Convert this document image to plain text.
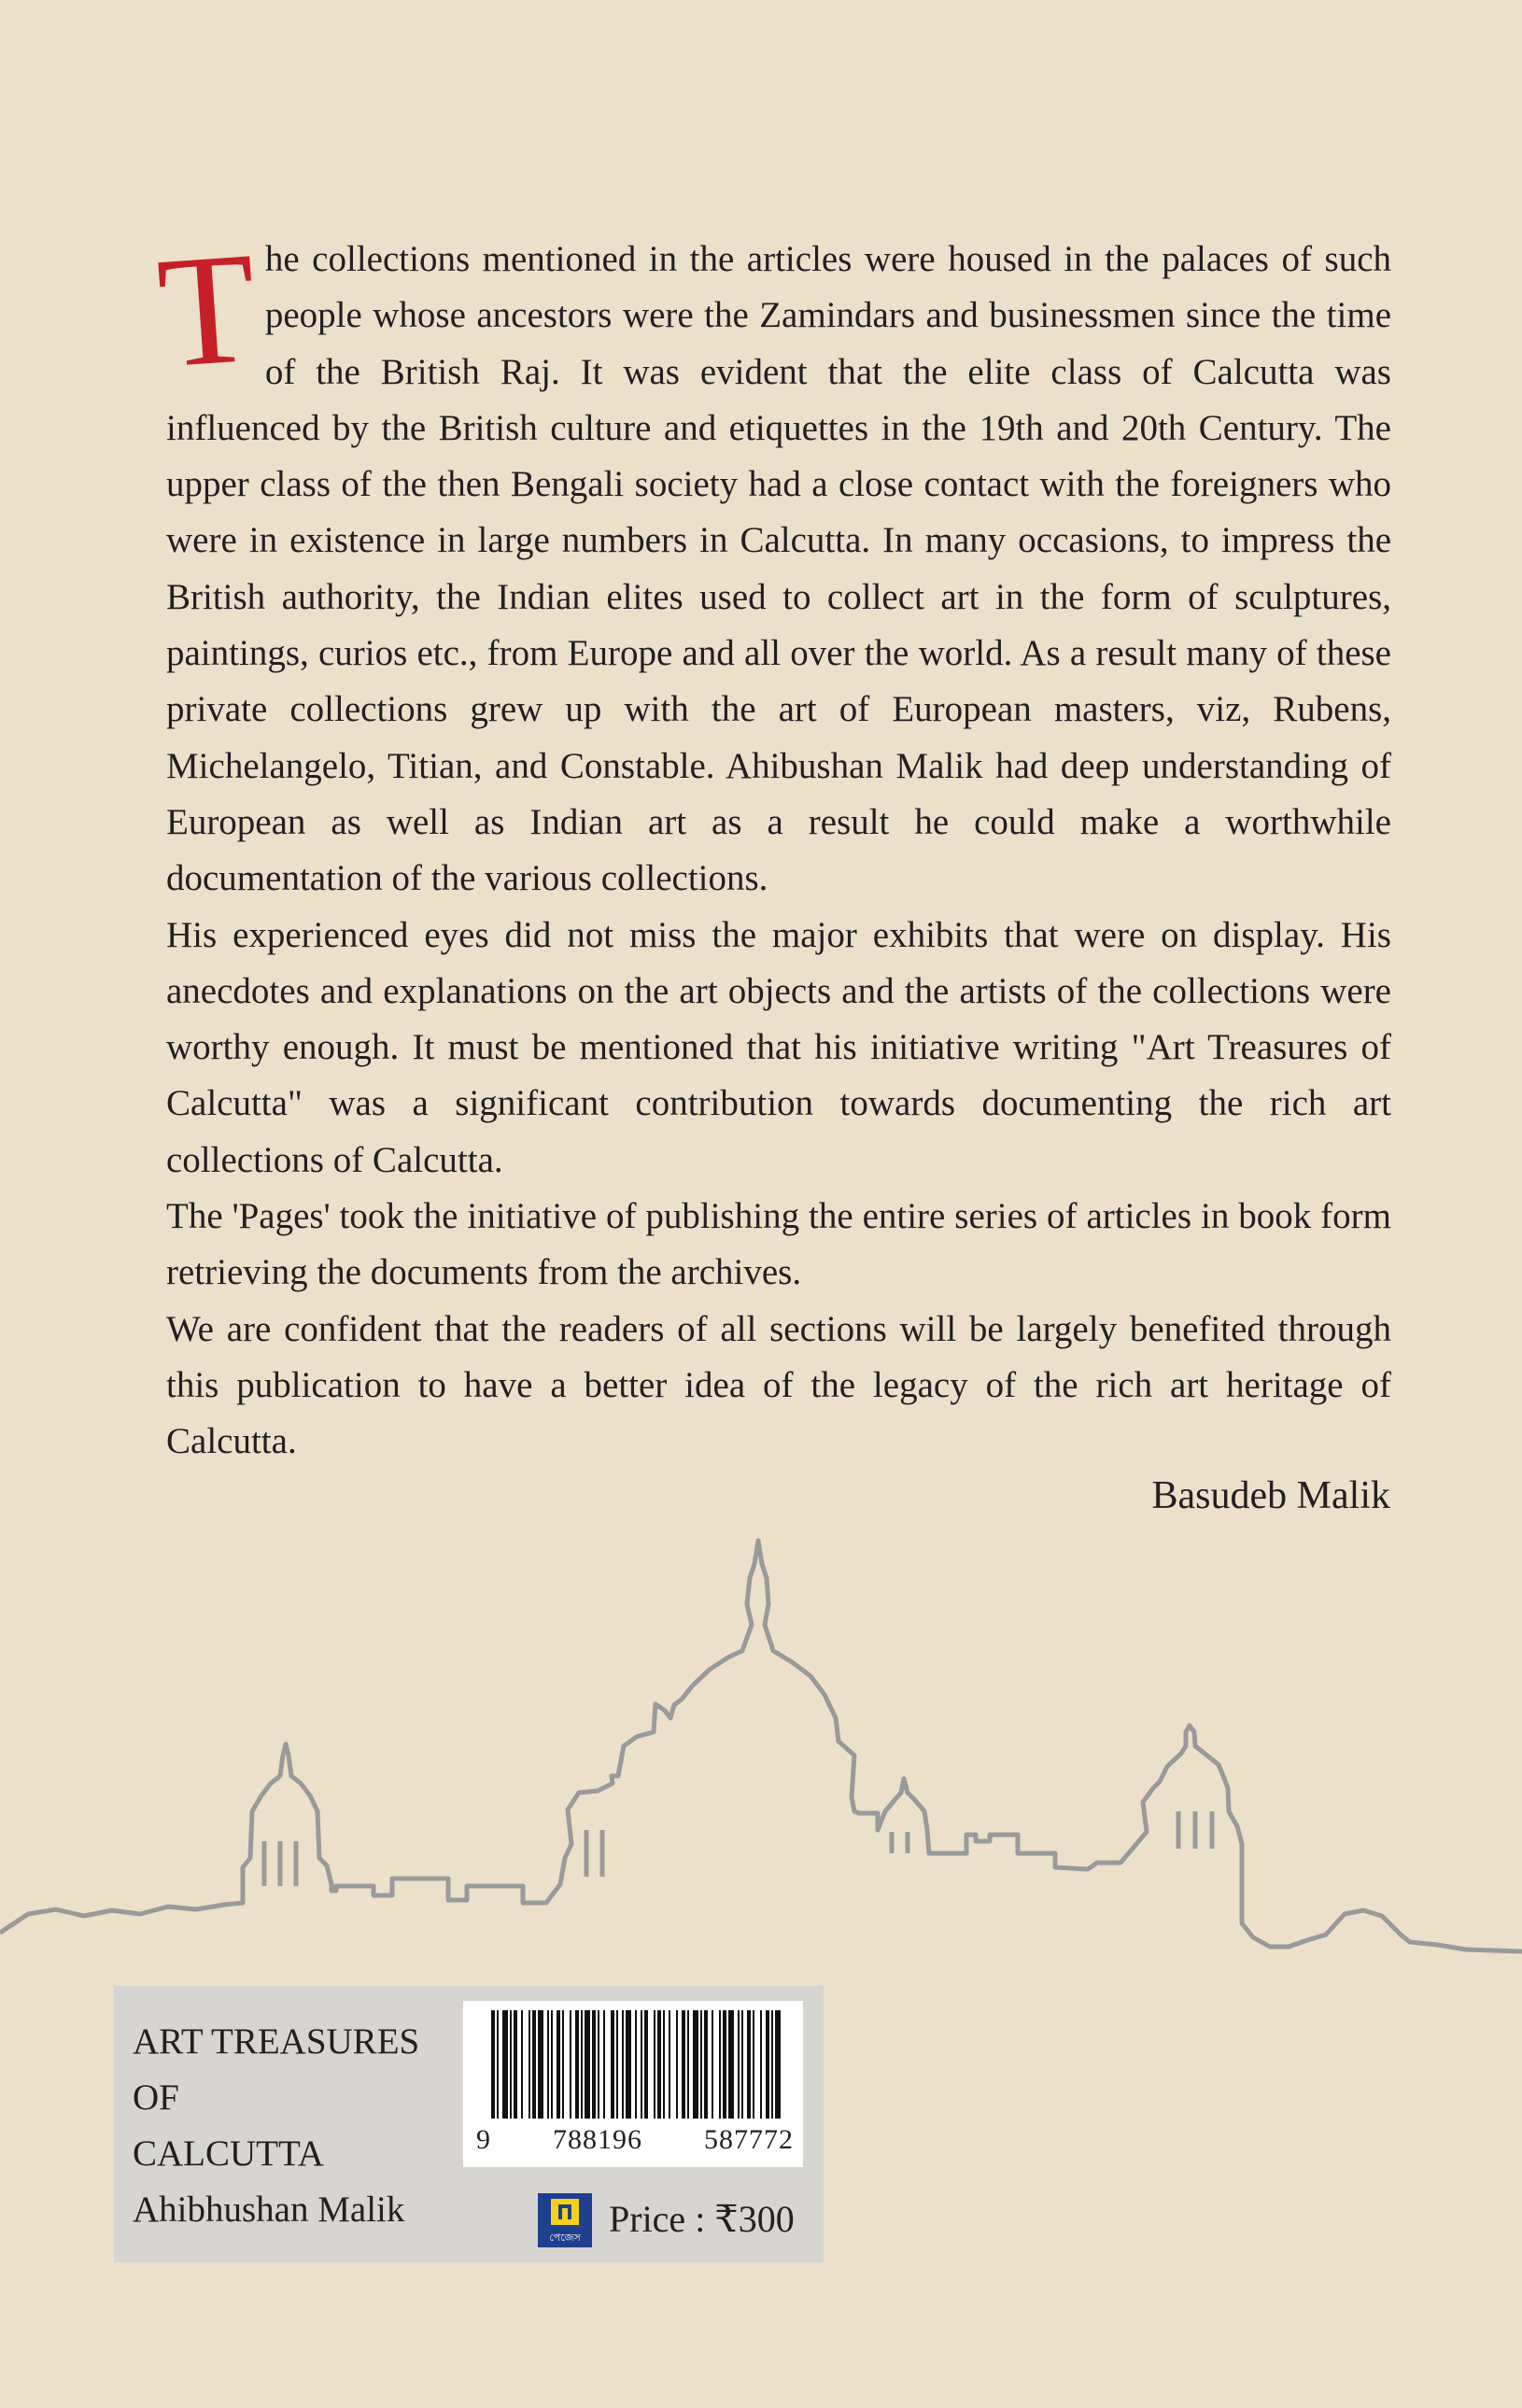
The collections mentioned in the articles were housed in the palaces of such people whose ancestors were the Zamindars and businessmen since the time of the British Raj. It was evident that the elite class of Calcutta was influenced by the British culture and etiquettes in the 19th and 20th Century. The upper class of the then Bengali society had a close contact with the foreigners who were in existence in large numbers in Calcutta. In many occasions, to impress the British authority, the Indian elites used to collect art in the form of sculptures, paintings, curios etc., from Europe and all over the world. As a result many of these private collections grew up with the art of European masters, viz, Rubens, Michelangelo, Titian, and Constable. Ahibushan Malik had deep understanding of European as well as Indian art as a result he could make a worthwhile documentation of the various collections.

His experienced eyes did not miss the major exhibits that were on display. His anecdotes and explanations on the art objects and the artists of the collections were worthy enough. It must be mentioned that his initiative writing "Art Treasures of Calcutta" was a significant contribution towards documenting the rich art collections of Calcutta.

The 'Pages' took the initiative of publishing the entire series of articles in book form retrieving the documents from the archives.

We are confident that the readers of all sections will be largely benefited through this publication to have a better idea of the legacy of the rich art heritage of Calcutta.

Basudeb Malik
ART TREASURES
OF
CALCUTTA
Ahibhushan Malik
9 788196 587772
পেজেস Price : ₹300
